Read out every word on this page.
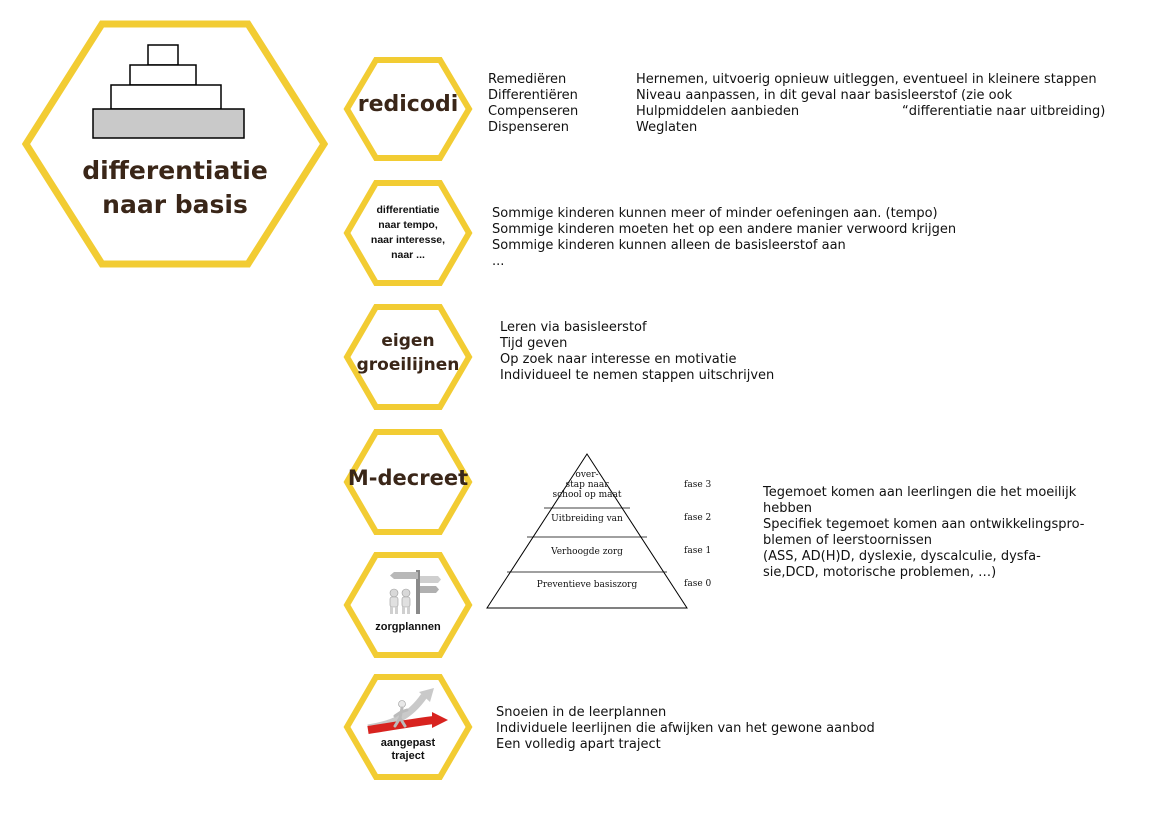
differentiatie
naar basis
redicodi
differentiatie
naar tempo,
naar interesse,
naar ...
eigen
groeilijnen
M-decreet
zorgplannen
aangepast
traject
Remediëren	Hernemen, uitvoerig opnieuw uitleggen, eventueel in kleinere stappen
Differentiëren	Niveau aanpassen, in dit geval naar basisleerstof (zie ook
Compenseren	Hulpmiddelen aanbieden	“differentiatie naar uitbreiding)
Dispenseren	Weglaten
Sommige kinderen kunnen meer of minder oefeningen aan. (tempo)
Sommige kinderen moeten het op een andere manier verwoord krijgen
Sommige kinderen kunnen alleen de basisleerstof aan
...
Leren via basisleerstof
Tijd geven
Op zoek naar interesse en motivatie
Individueel te nemen stappen uitschrijven
over-
stap naar
school op maat
Uitbreiding van
Verhoogde zorg
Preventieve basiszorg
fase 3
fase 2
fase 1
fase 0
Tegemoet komen aan leerlingen die het moeilijk
hebben
Specifiek tegemoet komen aan ontwikkelingspro-
blemen of leerstoornissen
(ASS, AD(H)D, dyslexie, dyscalculie, dysfa-
sie,DCD, motorische problemen, …)
Snoeien in de leerplannen
Individuele leerlijnen die afwijken van het gewone aanbod
Een volledig apart traject
